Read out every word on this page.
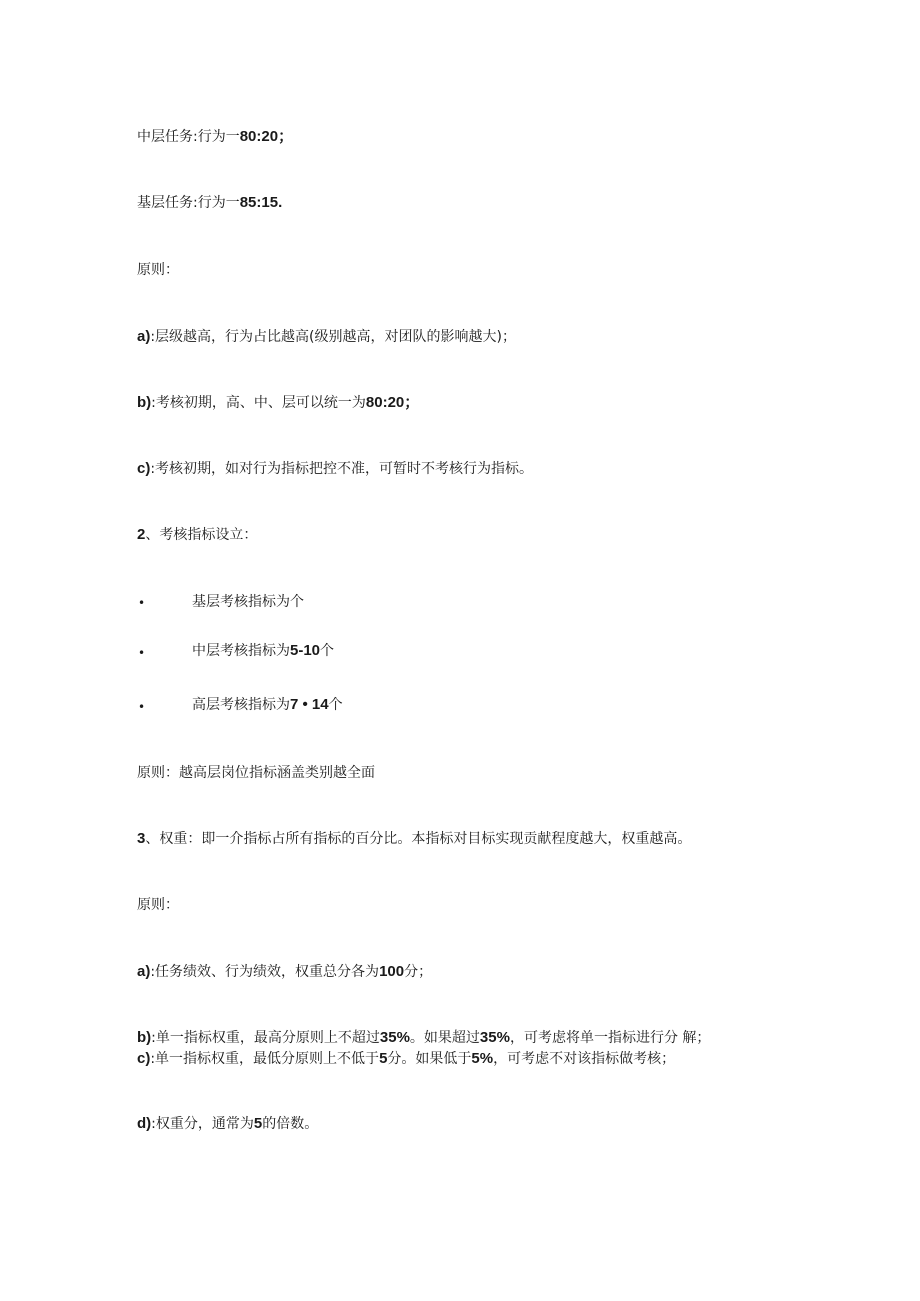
中层任务:行为一80:20；
基层任务:行为一85:15.
原则：
a):层级越高，行为占比越高(级别越高，对团队的影响越大)；
b):考核初期，高、中、层可以统一为80:20；
c):考核初期，如对行为指标把控不准，可暂时不考核行为指标。
2、考核指标设立：
•	基层考核指标为个
•	中层考核指标为5-10个
•	高层考核指标为7 • 14个
原则：越高层岗位指标涵盖类别越全面
3、权重：即一介指标占所有指标的百分比。本指标对目标实现贡献程度越大，权重越高。
原则：
a):任务绩效、行为绩效，权重总分各为100分；
b):单一指标权重，最高分原则上不超过35%。如果超过35%，可考虑将单一指标进行分 解；
c):单一指标权重，最低分原则上不低于5分。如果低于5%，可考虑不对该指标做考核；
d):权重分，通常为5的倍数。
